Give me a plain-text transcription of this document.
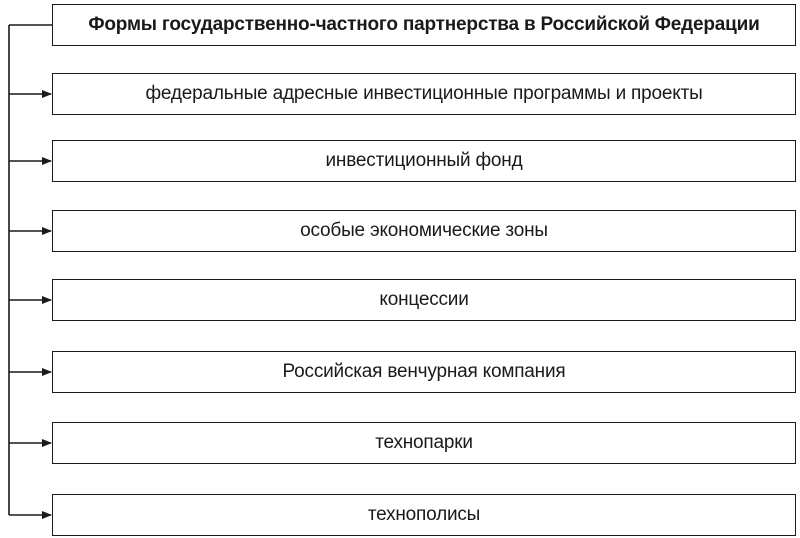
Формы государственно-частного партнерства в Российской Федерации
федеральные адресные инвестиционные программы и проекты
инвестиционный фонд
особые экономические зоны
концессии
Российская венчурная компания
технопарки
технополисы
